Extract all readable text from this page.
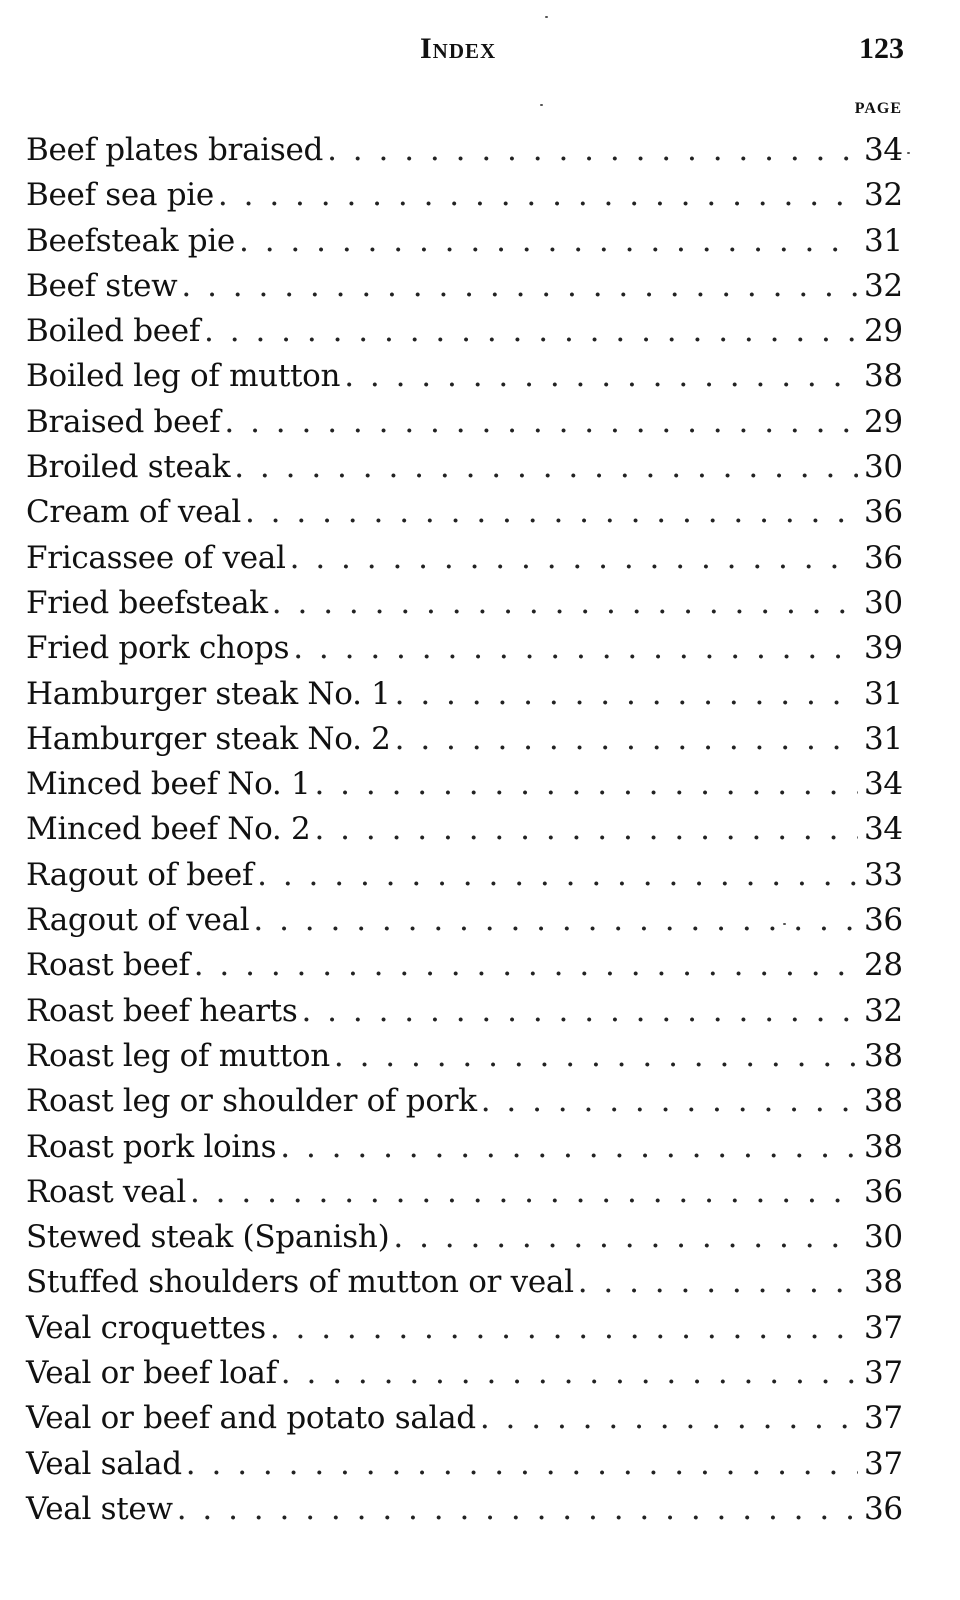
Index	123
PAGE
Beef plates braised . . .	34
Beef sea pie . . .	32
Beefsteak pie . . .	31
Beef stew . . .	32
Boiled beef . . .	29
Boiled leg of mutton . . .	38
Braised beef . . .	29
Broiled steak . . .	30
Cream of veal . . .	36
Fricassee of veal . . .	36
Fried beefsteak . . .	30
Fried pork chops . . .	39
Hamburger steak No. 1 . . .	31
Hamburger steak No. 2 . . .	31
Minced beef No. 1 . . .	34
Minced beef No. 2 . . .	34
Ragout of beef . . .	33
Ragout of veal . . .	36
Roast beef . . .	28
Roast beef hearts . . .	32
Roast leg of mutton . . .	38
Roast leg or shoulder of pork . . .	38
Roast pork loins . . .	38
Roast veal . . .	36
Stewed steak (Spanish) . . .	30
Stuffed shoulders of mutton or veal . . .	38
Veal croquettes . . .	37
Veal or beef loaf . . .	37
Veal or beef and potato salad . . .	37
Veal salad . . .	37
Veal stew . . .	36
